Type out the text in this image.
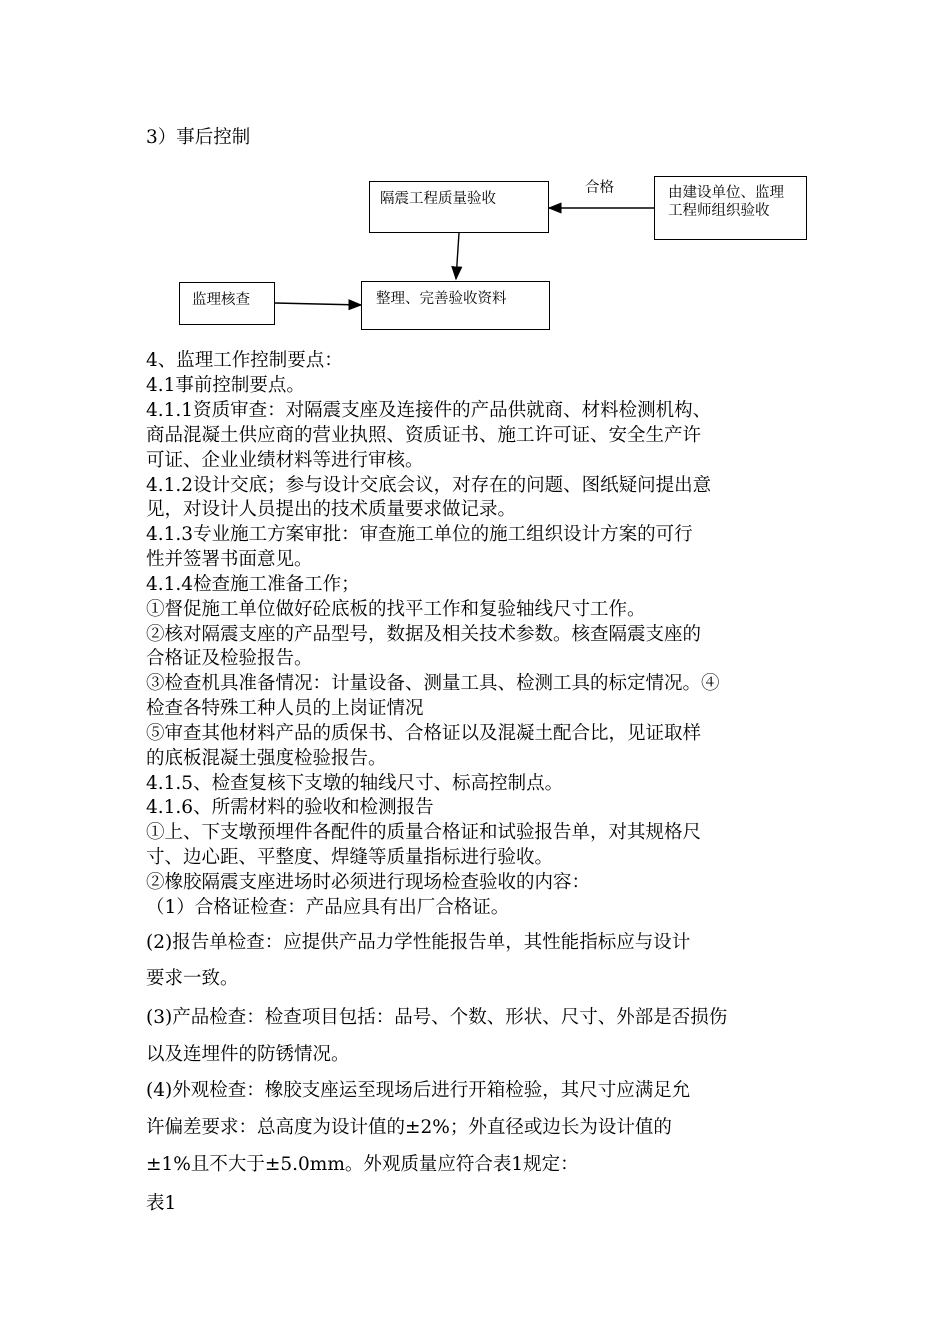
3）事后控制
隔震工程质量验收
合格	由建设单位、监理
工程师组织验收
监理核查	整理、完善验收资料
4、监理工作控制要点：
4.1事前控制要点。
4.1.1资质审查：对隔震支座及连接件的产品供就商、材料检测机构、
商品混凝土供应商的营业执照、资质证书、施工许可证、安全生产许
可证、企业业绩材料等进行审核。
4.1.2设计交底；参与设计交底会议，对存在的问题、图纸疑问提出意
见，对设计人员提出的技术质量要求做记录。
4.1.3专业施工方案审批：审查施工单位的施工组织设计方案的可行
性并签署书面意见。
4.1.4检查施工准备工作；
①督促施工单位做好砼底板的找平工作和复验轴线尺寸工作。
②核对隔震支座的产品型号，数据及相关技术参数。核查隔震支座的
合格证及检验报告。
③检查机具准备情况：计量设备、测量工具、检测工具的标定情况。④
检查各特殊工种人员的上岗证情况
⑤审查其他材料产品的质保书、合格证以及混凝土配合比，见证取样
的底板混凝土强度检验报告。
4.1.5、检查复核下支墩的轴线尺寸、标高控制点。
4.1.6、所需材料的验收和检测报告
①上、下支墩预埋件各配件的质量合格证和试验报告单，对其规格尺
寸、边心距、平整度、焊缝等质量指标进行验收。
②橡胶隔震支座进场时必须进行现场检查验收的内容：
（1）合格证检查：产品应具有出厂合格证。
(2)报告单检查：应提供产品力学性能报告单，其性能指标应与设计
要求一致。
(3)产品检查：检查项目包括：品号、个数、形状、尺寸、外部是否损伤
以及连埋件的防锈情况。
(4)外观检查：橡胶支座运至现场后进行开箱检验，其尺寸应满足允
许偏差要求：总高度为设计值的±2%；外直径或边长为设计值的
±1%且不大于±5.0mm。外观质量应符合表1规定：
表1
